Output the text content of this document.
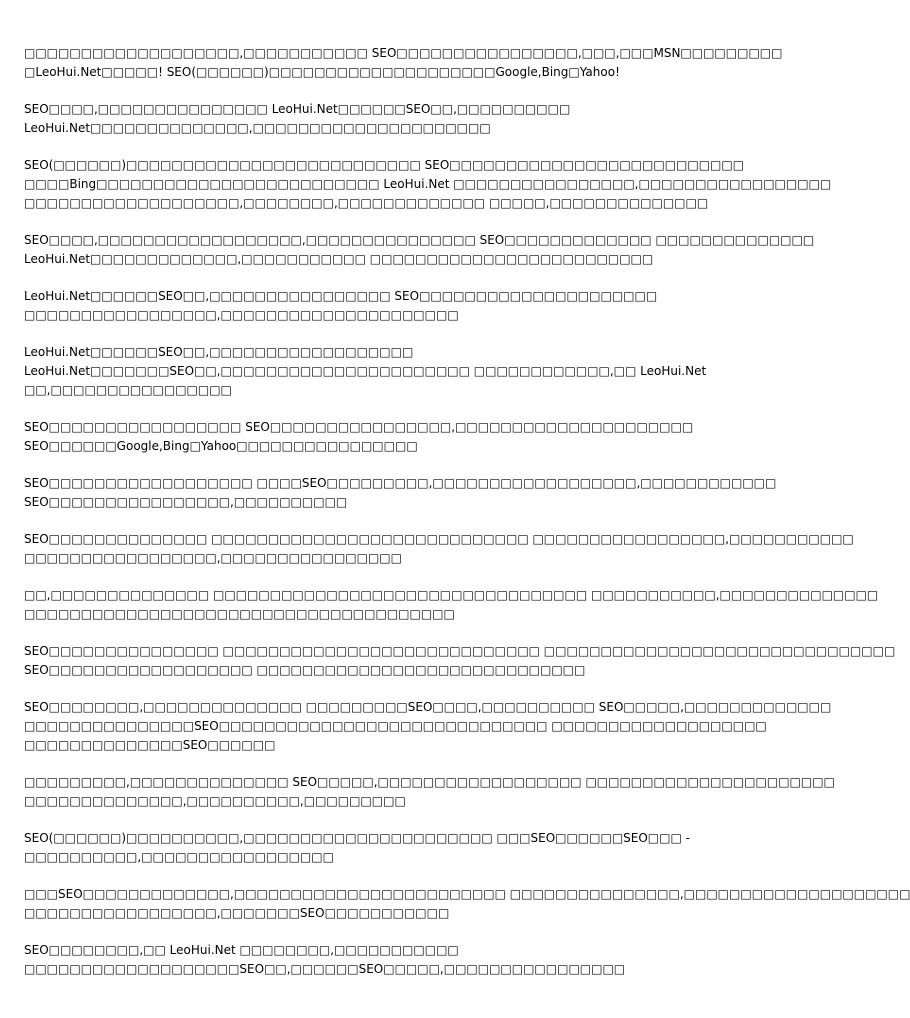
□□□□□□□□□□□□□□□□□□□,□□□□□□□□□□□ SEO□□□□□□□□□□□□□□□□,□□□,□□□MSN□□□□□□□□□
□LeoHui.Net□□□□□! SEO(□□□□□□)□□□□□□□□□□□□□□□□□□□□Google,Bing□Yahoo!

SEO□□□□,□□□□□□□□□□□□□□□ LeoHui.Net□□□□□□SEO□□,□□□□□□□□□□
LeoHui.Net□□□□□□□□□□□□□□,□□□□□□□□□□□□□□□□□□□□□

SEO(□□□□□□)□□□□□□□□□□□□□□□□□□□□□□□□□□ SEO□□□□□□□□□□□□□□□□□□□□□□□□□□
□□□□Bing□□□□□□□□□□□□□□□□□□□□□□□□□ LeoHui.Net □□□□□□□□□□□□□□□□,□□□□□□□□□□□□□□□□□
□□□□□□□□□□□□□□□□□□□,□□□□□□□□,□□□□□□□□□□□□□ □□□□□,□□□□□□□□□□□□□□

SEO□□□□,□□□□□□□□□□□□□□□□□□,□□□□□□□□□□□□□□□ SEO□□□□□□□□□□□□□ □□□□□□□□□□□□□□
LeoHui.Net□□□□□□□□□□□□□,□□□□□□□□□□□ □□□□□□□□□□□□□□□□□□□□□□□□□

LeoHui.Net□□□□□□SEO□□,□□□□□□□□□□□□□□□□ SEO□□□□□□□□□□□□□□□□□□□□□
□□□□□□□□□□□□□□□□□,□□□□□□□□□□□□□□□□□□□□□

LeoHui.Net□□□□□□SEO□□,□□□□□□□□□□□□□□□□□□
LeoHui.Net□□□□□□□SEO□□,□□□□□□□□□□□□□□□□□□□□□□ □□□□□□□□□□□□,□□ LeoHui.Net
□□,□□□□□□□□□□□□□□□□

SEO□□□□□□□□□□□□□□□□□ SEO□□□□□□□□□□□□□□□□,□□□□□□□□□□□□□□□□□□□□□
SEO□□□□□□Google,Bing□Yahoo□□□□□□□□□□□□□□□□

SEO□□□□□□□□□□□□□□□□□□ □□□□SEO□□□□□□□□□,□□□□□□□□□□□□□□□□□□,□□□□□□□□□□□□
SEO□□□□□□□□□□□□□□□□,□□□□□□□□□□

SEO□□□□□□□□□□□□□□ □□□□□□□□□□□□□□□□□□□□□□□□□□□□ □□□□□□□□□□□□□□□□□,□□□□□□□□□□□
□□□□□□□□□□□□□□□□□,□□□□□□□□□□□□□□□□

□□,□□□□□□□□□□□□□□ □□□□□□□□□□□□□□□□□□□□□□□□□□□□□□□□□ □□□□□□□□□□□,□□□□□□□□□□□□□□
□□□□□□□□□□□□□□□□□□□□□□□□□□□□□□□□□□□□□□

SEO□□□□□□□□□□□□□□□ □□□□□□□□□□□□□□□□□□□□□□□□□□□□ □□□□□□□□□□□□□□□□□□□□□□□□□□□□□□□
SEO□□□□□□□□□□□□□□□□□□ □□□□□□□□□□□□□□□□□□□□□□□□□□□□□

SEO□□□□□□□□,□□□□□□□□□□□□□□ □□□□□□□□□SEO□□□□,□□□□□□□□□□ SEO□□□□□,□□□□□□□□□□□□□
□□□□□□□□□□□□□□□SEO□□□□□□□□□□□□□□□□□□□□□□□□□□□□□ □□□□□□□□□□□□□□□□□□□
□□□□□□□□□□□□□□SEO□□□□□□

□□□□□□□□□,□□□□□□□□□□□□□□ SEO□□□□□,□□□□□□□□□□□□□□□□□□ □□□□□□□□□□□□□□□□□□□□□□
□□□□□□□□□□□□□□,□□□□□□□□□□,□□□□□□□□□

SEO(□□□□□□)□□□□□□□□□□,□□□□□□□□□□□□□□□□□□□□□□ □□□SEO□□□□□□SEO□□□ -
□□□□□□□□□□,□□□□□□□□□□□□□□□□□

□□□SEO□□□□□□□□□□□□□,□□□□□□□□□□□□□□□□□□□□□□□□ □□□□□□□□□□□□□□□,□□□□□□□□□□□□□□□□□□□□
□□□□□□□□□□□□□□□□□,□□□□□□□SEO□□□□□□□□□□□

SEO□□□□□□□□,□□ LeoHui.Net □□□□□□□□,□□□□□□□□□□□
□□□□□□□□□□□□□□□□□□□SEO□□,□□□□□□SEO□□□□□,□□□□□□□□□□□□□□□□
